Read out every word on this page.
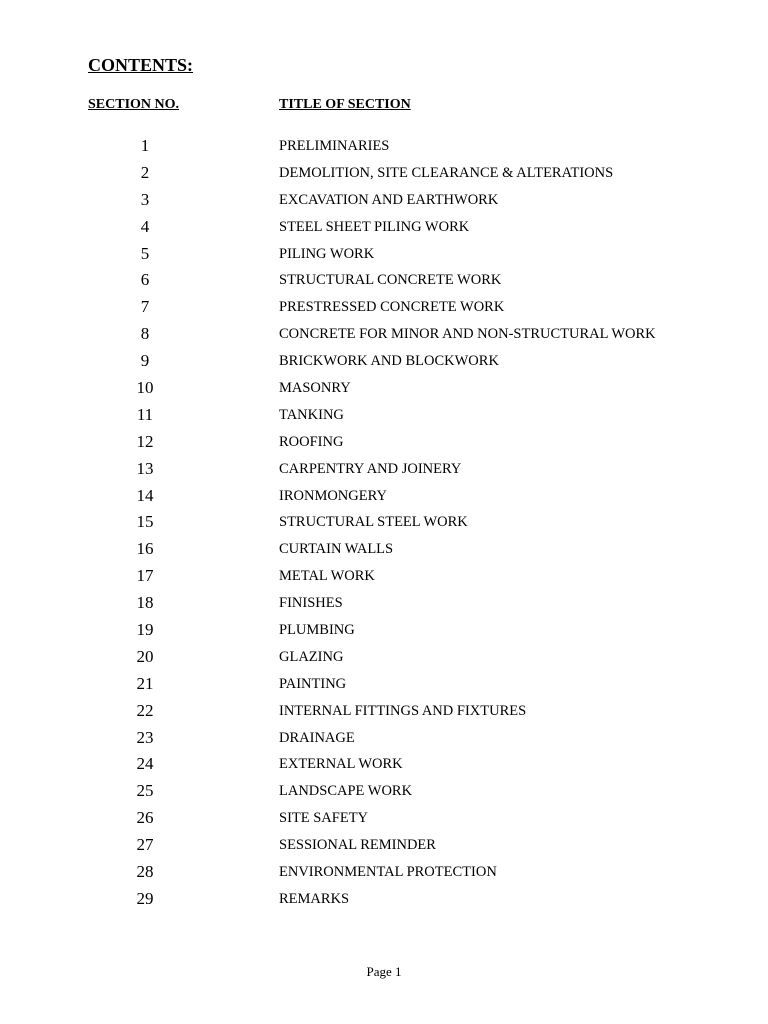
CONTENTS:
SECTION NO.	TITLE OF SECTION
1	PRELIMINARIES
2	DEMOLITION, SITE CLEARANCE & ALTERATIONS
3	EXCAVATION AND EARTHWORK
4	STEEL SHEET PILING WORK
5	PILING WORK
6	STRUCTURAL CONCRETE WORK
7	PRESTRESSED CONCRETE WORK
8	CONCRETE FOR MINOR AND NON-STRUCTURAL WORK
9	BRICKWORK AND BLOCKWORK
10	MASONRY
11	TANKING
12	ROOFING
13	CARPENTRY AND JOINERY
14	IRONMONGERY
15	STRUCTURAL STEEL WORK
16	CURTAIN WALLS
17	METAL WORK
18	FINISHES
19	PLUMBING
20	GLAZING
21	PAINTING
22	INTERNAL FITTINGS AND FIXTURES
23	DRAINAGE
24	EXTERNAL WORK
25	LANDSCAPE WORK
26	SITE SAFETY
27	SESSIONAL REMINDER
28	ENVIRONMENTAL PROTECTION
29	REMARKS
Page 1
